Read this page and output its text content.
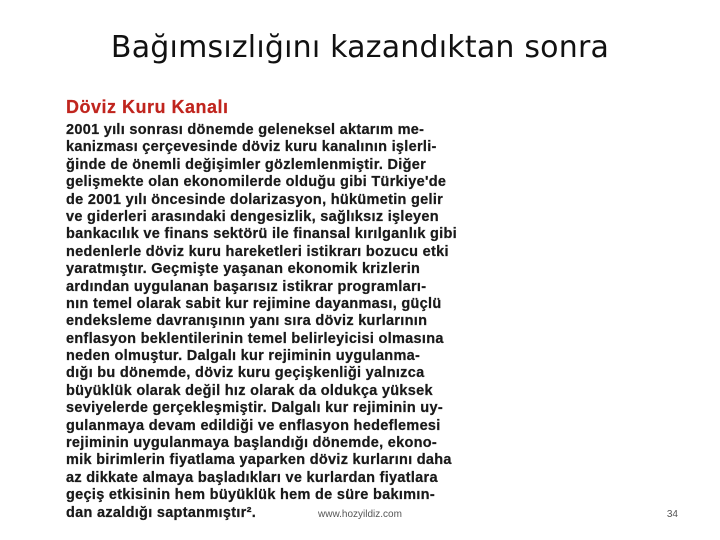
Bağımsızlığını kazandıktan sonra
Döviz Kuru Kanalı
2001 yılı sonrası dönemde geleneksel aktarım me-
kanizması çerçevesinde döviz kuru kanalının işlerli-
ğinde de önemli değişimler gözlemlenmiştir. Diğer
gelişmekte olan ekonomilerde olduğu gibi Türkiye'de
de 2001 yılı öncesinde dolarizasyon, hükümetin gelir
ve giderleri arasındaki dengesizlik, sağlıksız işleyen
bankacılık ve finans sektörü ile finansal kırılganlık gibi
nedenlerle döviz kuru hareketleri istikrarı bozucu etki
yaratmıştır. Geçmişte yaşanan ekonomik krizlerin
ardından uygulanan başarısız istikrar programları-
nın temel olarak sabit kur rejimine dayanması, güçlü
endeksleme davranışının yanı sıra döviz kurlarının
enflasyon beklentilerinin temel belirleyicisi olmasına
neden olmuştur. Dalgalı kur rejiminin uygulanma-
dığı bu dönemde, döviz kuru geçişkenliği yalnızca
büyüklük olarak değil hız olarak da oldukça yüksek
seviyelerde gerçekleşmiştir. Dalgalı kur rejiminin uy-
gulanmaya devam edildiği ve enflasyon hedeflemesi
rejiminin uygulanmaya başlandığı dönemde, ekono-
mik birimlerin fiyatlama yaparken döviz kurlarını daha
az dikkate almaya başladıkları ve kurlardan fiyatlara
geçiş etkisinin hem büyüklük hem de süre bakımın-
dan azaldığı saptanmıştır².	www.hozyildiz.com	34
